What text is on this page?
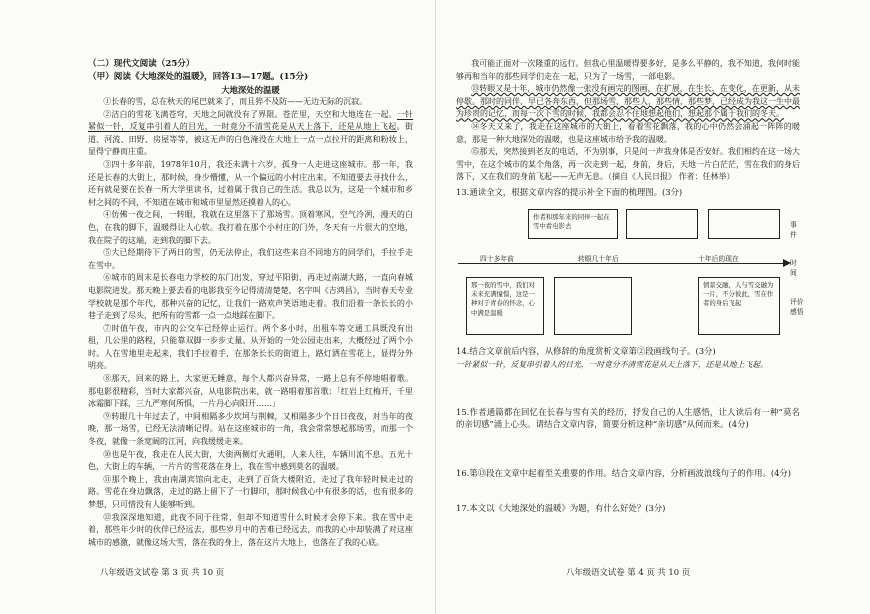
（二）现代文阅读（25分）

（甲）阅读《大地深处的温暖》，回答13—17题。(15分)

大地深处的温暖

①长春的雪，总在秋天的尾巴就来了，而且猝不及防——无边无际的沉寂。

②洁白的雪花飞满苍穹，天地之间就没有了界限。苍茫里，天空和大地连在一起。一针紧似一针，反复串引着人的目光，一时竟分不清雪花是从天上落下，还是从地上飞起。街道、河流、田野、房屋等等，被这无声的白色淹没在大地上一点一点拉开的距离和粉妆上，显得宁静而庄重。

③四十多年前，1978年10月，我还未满十六岁，孤身一人走进这座城市。那一年，我还是长春的大街上，那时候，身少懵懂，从一个偏远的小村庄出来，不知道要去寻找什么，还有就是要在长春一所大学里读书，过着属于我自己的生活。我总以为，这是一个城市和乡村之间的不同，不知道在城市和城市里显然还摸着人的心。

④仿佛一夜之间，一转眼，我就在这里落下了那场雪。顶着寒风，空气冷冽，漫天的白色，在我的脚下，温暖得让人心软。我打着在那个小村庄的门外，冬天有一片很大的空地，我在院子的这端，走到我的脚下去。

⑤大已经期待下了两日的雪，仍无法停止，我们这些来自不同地方的同学们，手拉手走在雪中。

⑥城市的周末是长春电力学校的东门出发，穿过平阳街，再走过南湖大路，一直向春城电影院进发。那天晚上要去看的电影我至今记得清清楚楚，名字叫《吉鸿昌》，当时春天专业学校就是那个年代，那种兴奋的记忆，让我们一路欢声笑语地走着。我们沿着一条长长的小巷子走到了尽头，把所有的雪都一点一点地踩在脚下。

⑦时值午夜，市内的公交车已经停止运行。两个多小时，出租车等交通工具既没有出租，几公里的路程，只能靠双脚一步步丈量。从开始的一处公园走出来，大概经过了两个小时。人在雪地里走起来，我们手拉着手，在那条长长的街道上，路灯洒在雪花上，显得分外明亮。

⑧那天，回来的路上，大家更无睡意，每个人都兴奋异常，一路上总有不停地唱着歌。那电影很精彩，当时大家都兴奋，从电影院出来，就一路唱着那首歌：「红岩上红梅开，千里冰霜脚下踩，三九严寒何所惧，一片丹心向阳开……」

⑨转眼几十年过去了，中间相隔多少坎坷与荆棘，又相隔多少个日日夜夜，对当年的夜晚，那一场雪，已经无法清晰记得。站在这座城市的一角，我会常常想起那场雪，而那一个冬夜，就像一条宽阔的江河，向我缓缓走来。

⑩也是午夜，我走在人民大街，大街两侧灯火通明，人来人往，车辆川流不息。五光十色，大街上的车辆，一片片的雪花落在身上，我在雪中感到莫名的温暖。

⑪那个晚上，我由南湖宾馆向北走，走到了百货大楼附近，走过了我年轻时候走过的路。雪花在身边飘落，走过的路上留下了一行脚印，那时候我心中有很多的话，也有很多的梦想，只可惜没有人能够听到。

⑫我深深地知道，此夜不同于往常，但却不知道雪什么时候才会停下来。我在雪中走着，那些年少时的伙伴已经远去，那些岁月中的苦难已经远去，而我的心中却装满了对这座城市的感激，就像这场大雪，落在我的身上，落在这片大地上，也落在了我的心底。

八年级语文试卷 第 3 页 共 10 页

我可能正面对一次隆重的远行。但我心里温暖得要多好，是多么平静的，我不知道，我何时能够再和当年的那些同学们走在一起，只为了一场雪，一部电影。

⑬转眼又是十年，城市仍然像一张没有画完的图画，在扩展，在生长，在变化，在更新，从未停歇。那时的同伴，早已各奔东西，但那场雪，那些人，那些情，那些梦，已经成为我这一生中最为珍贵的记忆，而每一次下雪的时候，我都会忍不住地想起他们，想起那个属于我们的冬天。

⑭冬天又来了，我走在这座城市的大街上，看着雪花飘落，我的心中仍然会涌起一阵阵的暖意，那是一种大地深处的温暖，也是这座城市给予我的温暖。

⑮那天，突然接到老友的电话，不为别事，只是问一声我身体是否安好。我们相约在这一场大雪中，在这个城市的某个角落，再一次走到一起，身前，身后，天地一片白茫茫，雪在我们的身后落下，又在我们的身前飞起——无声无息。（摘自《人民日报》 作者：任林举）

13.通读全文，根据文章内容的提示补全下面的梳理图。(3分)

作者和那年来的同伴一起在雪中看电影去	事件
四十多年前	转眼几十年后	十年后的现在	时间
那一夜的雪中，我们对未来充满憧憬，这是一种对于青春的怀念，心中满是温暖
情景交融，人与雪交融为一片，不分彼此，雪在作者的身后飞起	评价感悟

14.结合文章前后内容，从修辞的角度赏析文章第②段画线句子。(3分)

一针紧似一针，反复串引着人的目光，一时竟分不清雪花是从天上落下，还是从地上飞起。

15.作者通篇都在回忆在长春与雪有关的经历，抒发自己的人生感悟，让人读后有一种“莫名的亲切感”涌上心头。请结合文章内容，简要分析这种“亲切感”从何而来。(4分)

16.第⑬段在文章中起着至关重要的作用。结合文章内容，分析画波浪线句子的作用。(4分)

17.本文以《大地深处的温暖》为题，有什么好处？(3分)

八年级语文试卷 第 4 页 共 10 页
